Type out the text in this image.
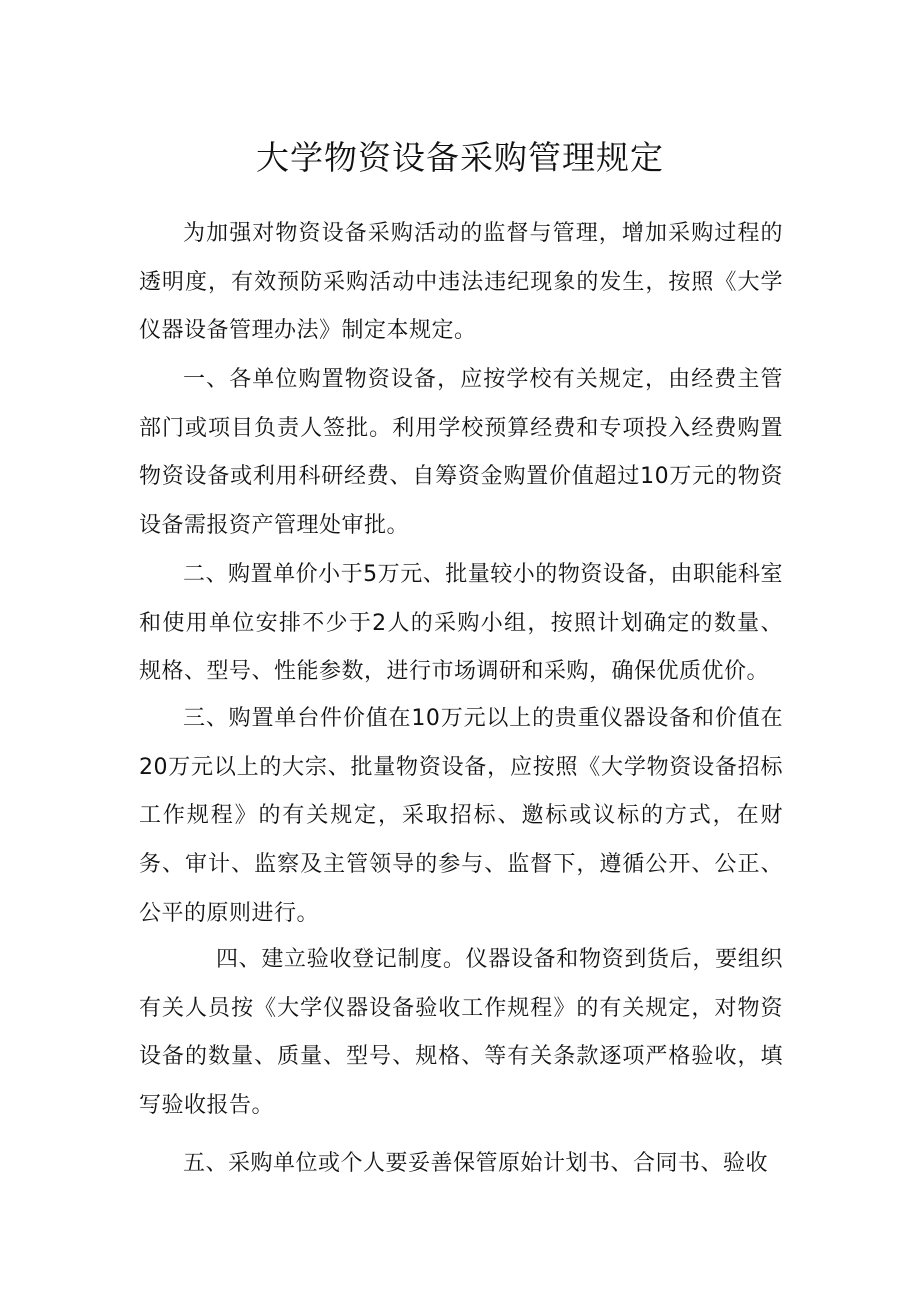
大学物资设备采购管理规定

为加强对物资设备采购活动的监督与管理，增加采购过程的透明度，有效预防采购活动中违法违纪现象的发生，按照《大学仪器设备管理办法》制定本规定。

一、各单位购置物资设备，应按学校有关规定，由经费主管部门或项目负责人签批。利用学校预算经费和专项投入经费购置物资设备或利用科研经费、自筹资金购置价值超过10万元的物资设备需报资产管理处审批。

二、购置单价小于5万元、批量较小的物资设备，由职能科室和使用单位安排不少于2人的采购小组，按照计划确定的数量、规格、型号、性能参数，进行市场调研和采购，确保优质优价。

三、购置单台件价值在10万元以上的贵重仪器设备和价值在20万元以上的大宗、批量物资设备，应按照《大学物资设备招标工作规程》的有关规定，采取招标、邀标或议标的方式，在财务、审计、监察及主管领导的参与、监督下，遵循公开、公正、公平的原则进行。

四、建立验收登记制度。仪器设备和物资到货后，要组织有关人员按《大学仪器设备验收工作规程》的有关规定，对物资设备的数量、质量、型号、规格、等有关条款逐项严格验收，填写验收报告。

五、采购单位或个人要妥善保管原始计划书、合同书、验收
